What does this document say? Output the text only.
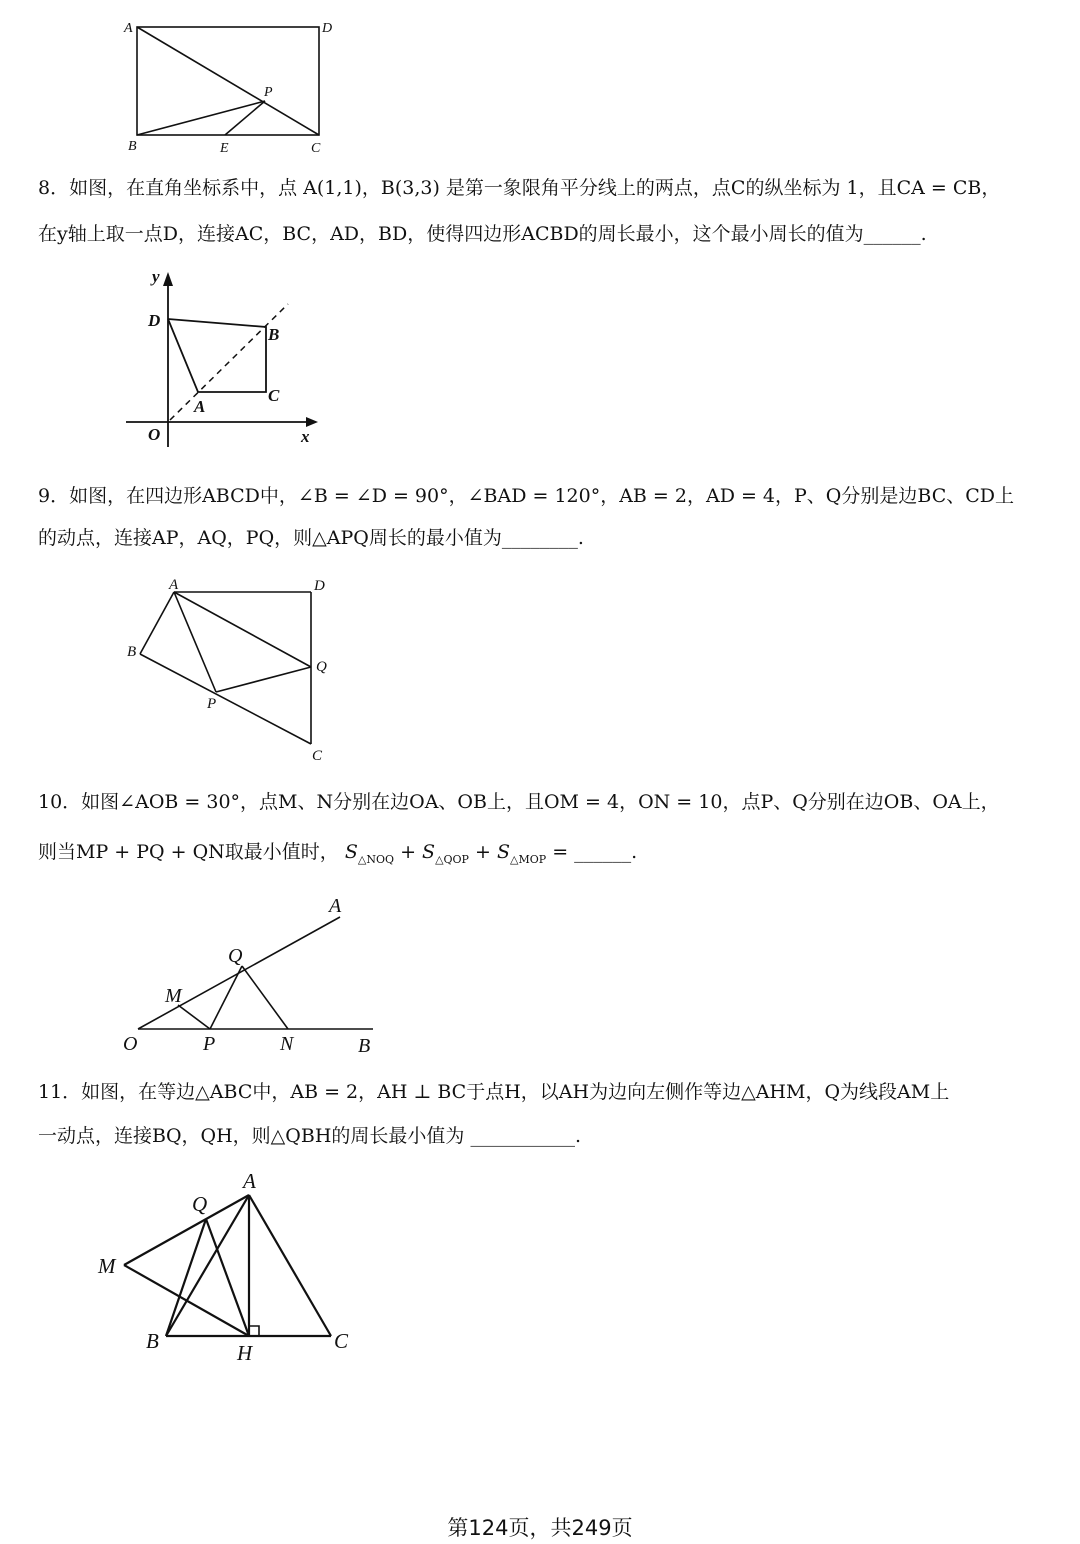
A	D
P
B	E	C
8．如图，在直角坐标系中，点 A(1,1)，B(3,3) 是第一象限角平分线上的两点，点C的纵坐标为 1，且CA = CB，
在y轴上取一点D，连接AC，BC，AD，BD，使得四边形ACBD的周长最小，这个最小周长的值为______.
y
x
O
D
B
C
A
9．如图，在四边形ABCD中，∠B = ∠D = 90°，∠BAD = 120°，AB = 2，AD = 4，P、Q分别是边BC、CD上
的动点，连接AP，AQ，PQ，则△APQ周长的最小值为________.
A	D
B
Q
P
C
10．如图∠AOB = 30°，点M、N分别在边OA、OB上，且OM = 4，ON = 10，点P、Q分别在边OB、OA上，
则当MP + PQ + QN取最小值时， $S_{\triangle NOQ} + S_{\triangle QOP} + S_{\triangle MOP}$ = ______.
A
Q
M
O	P	N	B
11．如图，在等边△ABC中，AB = 2，AH ⊥ BC于点H，以AH为边向左侧作等边△AHM，Q为线段AM上
一动点，连接BQ，QH，则△QBH的周长最小值为 ___________.
A
Q
M
B	H	C
第124页，共249页
